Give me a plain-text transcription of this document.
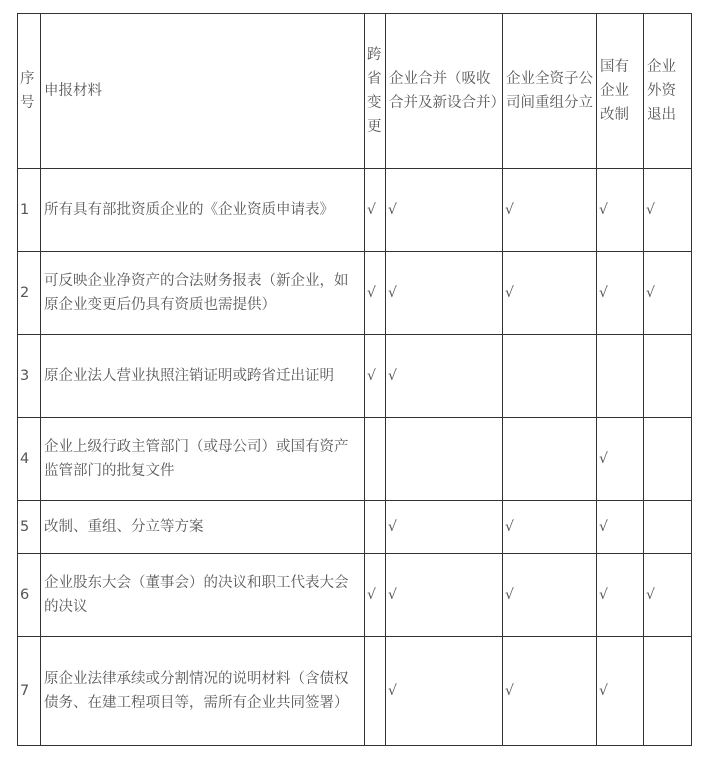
序号	申报材料	跨省变更	企业合并（吸收合并及新设合并）	企业全资子公司间重组分立	国有企业改制	企业外资退出
1	所有具有部批资质企业的《企业资质申请表》	√	√	√	√	√
2	可反映企业净资产的合法财务报表（新企业，如原企业变更后仍具有资质也需提供）	√	√	√	√	√
3	原企业法人营业执照注销证明或跨省迁出证明	√	√			
4	企业上级行政主管部门（或母公司）或国有资产监管部门的批复文件				√	
5	改制、重组、分立等方案		√	√	√	
6	企业股东大会（董事会）的决议和职工代表大会的决议	√	√	√	√	√
7	原企业法律承续或分割情况的说明材料（含债权债务、在建工程项目等，需所有企业共同签署）		√	√	√	
